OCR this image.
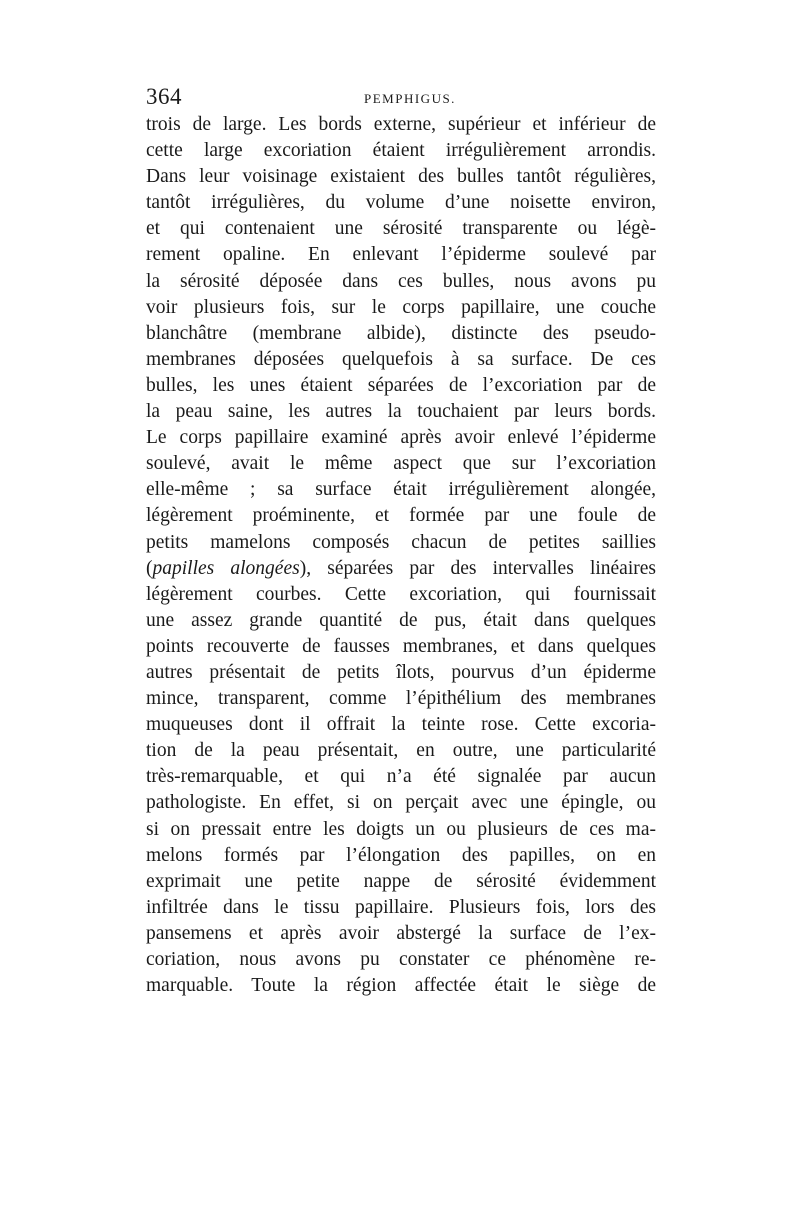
364	PEMPHIGUS.
trois de large. Les bords externe, supérieur et inférieur de
cette large excoriation étaient irrégulièrement arrondis.
Dans leur voisinage existaient des bulles tantôt régulières,
tantôt irrégulières, du volume d’une noisette environ,
et qui contenaient une sérosité transparente ou légè-
rement opaline. En enlevant l’épiderme soulevé par
la sérosité déposée dans ces bulles, nous avons pu
voir plusieurs fois, sur le corps papillaire, une couche
blanchâtre (membrane albide), distincte des pseudo-
membranes déposées quelquefois à sa surface. De ces
bulles, les unes étaient séparées de l’excoriation par de
la peau saine, les autres la touchaient par leurs bords.
Le corps papillaire examiné après avoir enlevé l’épiderme
soulevé, avait le même aspect que sur l’excoriation
elle-même ; sa surface était irrégulièrement alongée,
légèrement proéminente, et formée par une foule de
petits mamelons composés chacun de petites saillies
(papilles alongées), séparées par des intervalles linéaires
légèrement courbes. Cette excoriation, qui fournissait
une assez grande quantité de pus, était dans quelques
points recouverte de fausses membranes, et dans quelques
autres présentait de petits îlots, pourvus d’un épiderme
mince, transparent, comme l’épithélium des membranes
muqueuses dont il offrait la teinte rose. Cette excoria-
tion de la peau présentait, en outre, une particularité
très-remarquable, et qui n’a été signalée par aucun
pathologiste. En effet, si on perçait avec une épingle, ou
si on pressait entre les doigts un ou plusieurs de ces ma-
melons formés par l’élongation des papilles, on en
exprimait une petite nappe de sérosité évidemment
infiltrée dans le tissu papillaire. Plusieurs fois, lors des
pansemens et après avoir abstergé la surface de l’ex-
coriation, nous avons pu constater ce phénomène re-
marquable. Toute la région affectée était le siège de
